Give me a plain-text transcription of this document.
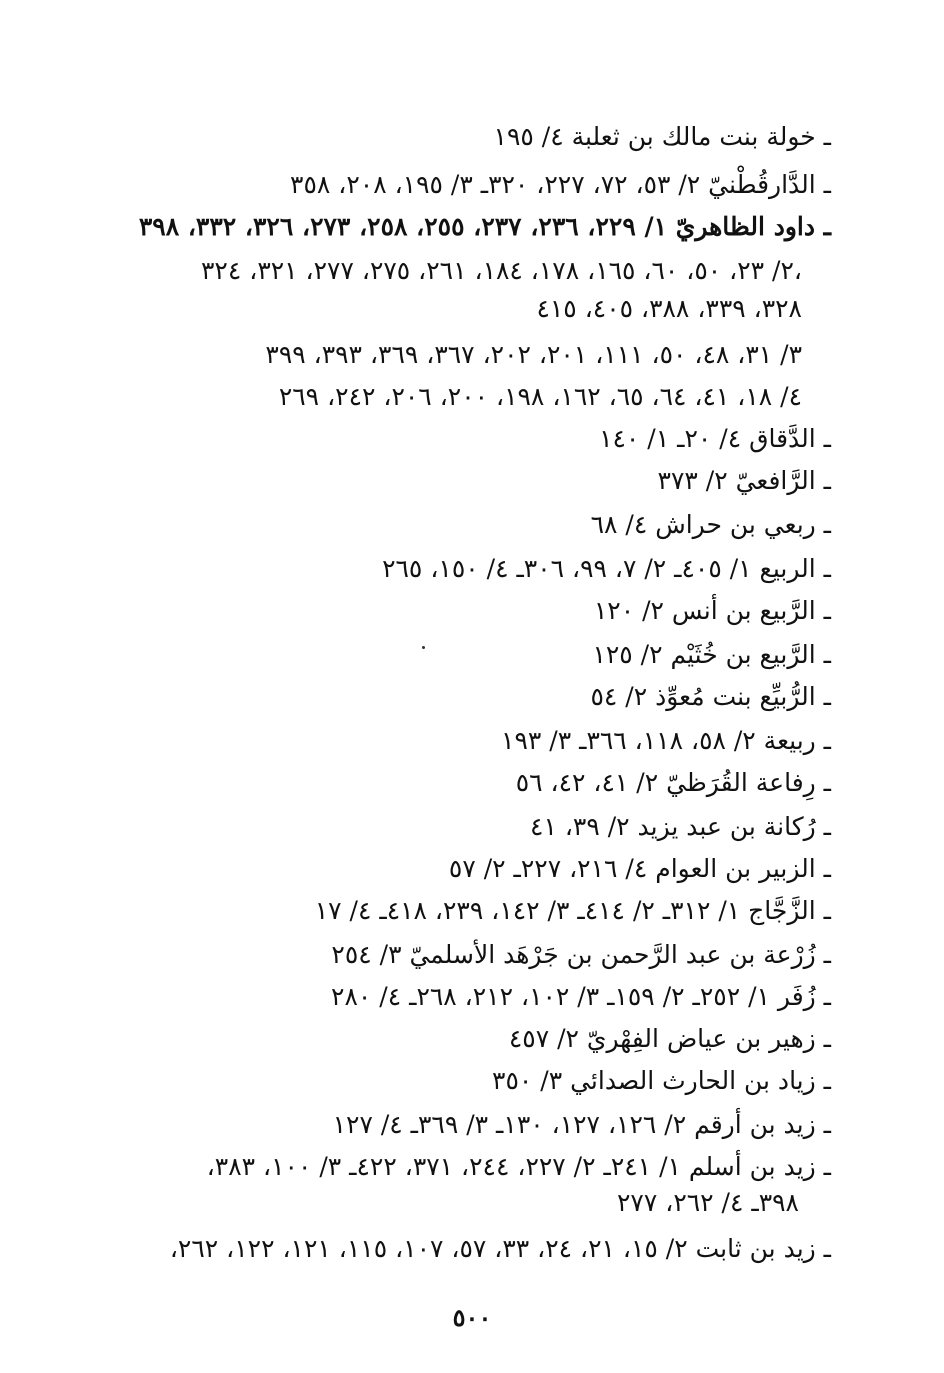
ـ خولة بنت مالك بن ثعلبة ٤/ ١٩٥
ـ الدَّارقُطْنيّ ٢/ ٥٣، ٧٢، ٢٢٧، ٣٢٠ـ ٣/ ١٩٥، ٢٠٨، ٣٥٨
ـ داود الظاهريّ ١/ ٢٢٩، ٢٣٦، ٢٣٧، ٢٥٥، ٢٥٨، ٢٧٣، ٣٢٦، ٣٣٢، ٣٩٨
٢/ ٢٣، ٥٠، ٦٠، ١٦٥، ١٧٨، ١٨٤، ٢٦١، ٢٧٥، ٢٧٧، ٣٢١، ٣٢٤،
٣٢٨، ٣٣٩، ٣٨٨، ٤٠٥، ٤١٥
٣/ ٣١، ٤٨، ٥٠، ١١١، ٢٠١، ٢٠٢، ٣٦٧، ٣٦٩، ٣٩٣، ٣٩٩
٤/ ١٨، ٤١، ٦٤، ٦٥، ١٦٢، ١٩٨، ٢٠٠، ٢٠٦، ٢٤٢، ٢٦٩
ـ الدَّقاق ٤/ ٢٠ـ ١/ ١٤٠
ـ الرَّافعيّ ٢/ ٣٧٣
ـ ربعي بن حراش ٤/ ٦٨
ـ الربيع ١/ ٤٠٥ـ ٢/ ٧، ٩٩، ٣٠٦ـ ٤/ ١٥٠، ٢٦٥
ـ الرَّبيع بن أنس ٢/ ١٢٠
ـ الرَّبيع بن خُثَيْم ٢/ ١٢٥
ـ الرُّبيِّع بنت مُعوِّذ ٢/ ٥٤
ـ ربيعة ٢/ ٥٨، ١١٨، ٣٦٦ـ ٣/ ١٩٣
ـ رِفاعة القُرَظيّ ٢/ ٤١، ٤٢، ٥٦
ـ رُكانة بن عبد يزيد ٢/ ٣٩، ٤١
ـ الزبير بن العوام ٤/ ٢١٦، ٢٢٧ـ ٢/ ٥٧
ـ الزَّجَّاج ١/ ٣١٢ـ ٢/ ٤١٤ـ ٣/ ١٤٢، ٢٣٩، ٤١٨ـ ٤/ ١٧
ـ زُرْعة بن عبد الرَّحمن بن جَرْهَد الأسلميّ ٣/ ٢٥٤
ـ زُفَر ١/ ٢٥٢ـ ٢/ ١٥٩ـ ٣/ ١٠٢، ٢١٢، ٢٦٨ـ ٤/ ٢٨٠
ـ زهير بن عياض الفِهْريّ ٢/ ٤٥٧
ـ زياد بن الحارث الصدائي ٣/ ٣٥٠
ـ زيد بن أرقم ٢/ ١٢٦، ١٢٧، ١٣٠ـ ٣/ ٣٦٩ـ ٤/ ١٢٧
ـ زيد بن أسلم ١/ ٢٤١ـ ٢/ ٢٢٧، ٢٤٤، ٣٧١، ٤٢٢ـ ٣/ ١٠٠، ٣٨٣،
٣٩٨ـ ٤/ ٢٦٢، ٢٧٧
ـ زيد بن ثابت ٢/ ١٥، ٢١، ٢٤، ٣٣، ٥٧، ١٠٧، ١١٥، ١٢١، ١٢٢، ٢٦٢،
٥٠٠
